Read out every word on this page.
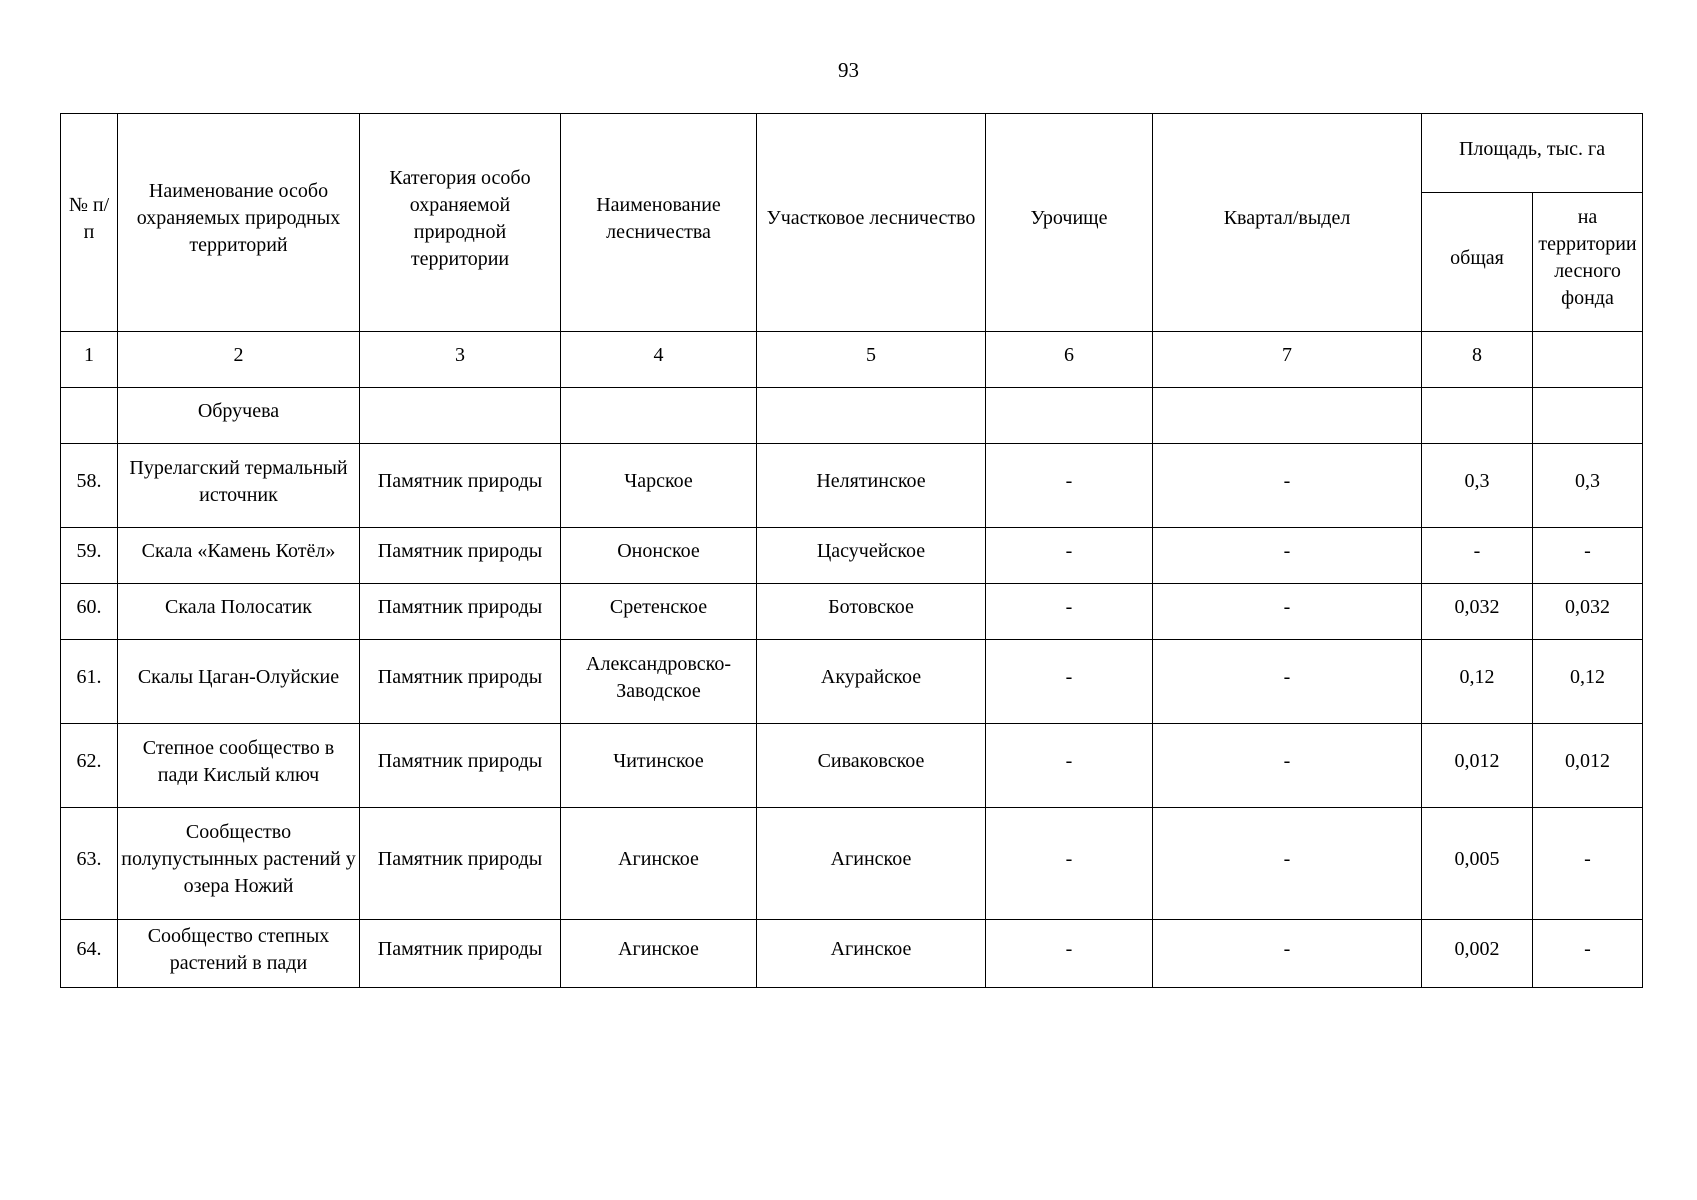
93
№ п/п	Наименование особо охраняемых природных территорий	Категория особо охраняемой природной территории	Наименование лесничества	Участковое лесничество	Урочище	Квартал/выдел	Площадь, тыс. га	
							общая	на территории лесного фонда
1	2	3	4	5	6	7	8	
	Обручева							
58.	Пурелагский термальный источник	Памятник природы	Чарское	Нелятинское	-	-	0,3	0,3
59.	Скала «Камень Котёл»	Памятник природы	Ононское	Цасучейское	-	-	-	-
60.	Скала Полосатик	Памятник природы	Сретенское	Ботовское	-	-	0,032	0,032
61.	Скалы Цаган-Олуйские	Памятник природы	Александровско-Заводское	Акурайское	-	-	0,12	0,12
62.	Степное сообщество в пади Кислый ключ	Памятник природы	Читинское	Сиваковское	-	-	0,012	0,012
63.	Сообщество полупустынных растений у озера Ножий	Памятник природы	Агинское	Агинское	-	-	0,005	-
64.	Сообщество степных растений в пади	Памятник природы	Агинское	Агинское	-	-	0,002	-
